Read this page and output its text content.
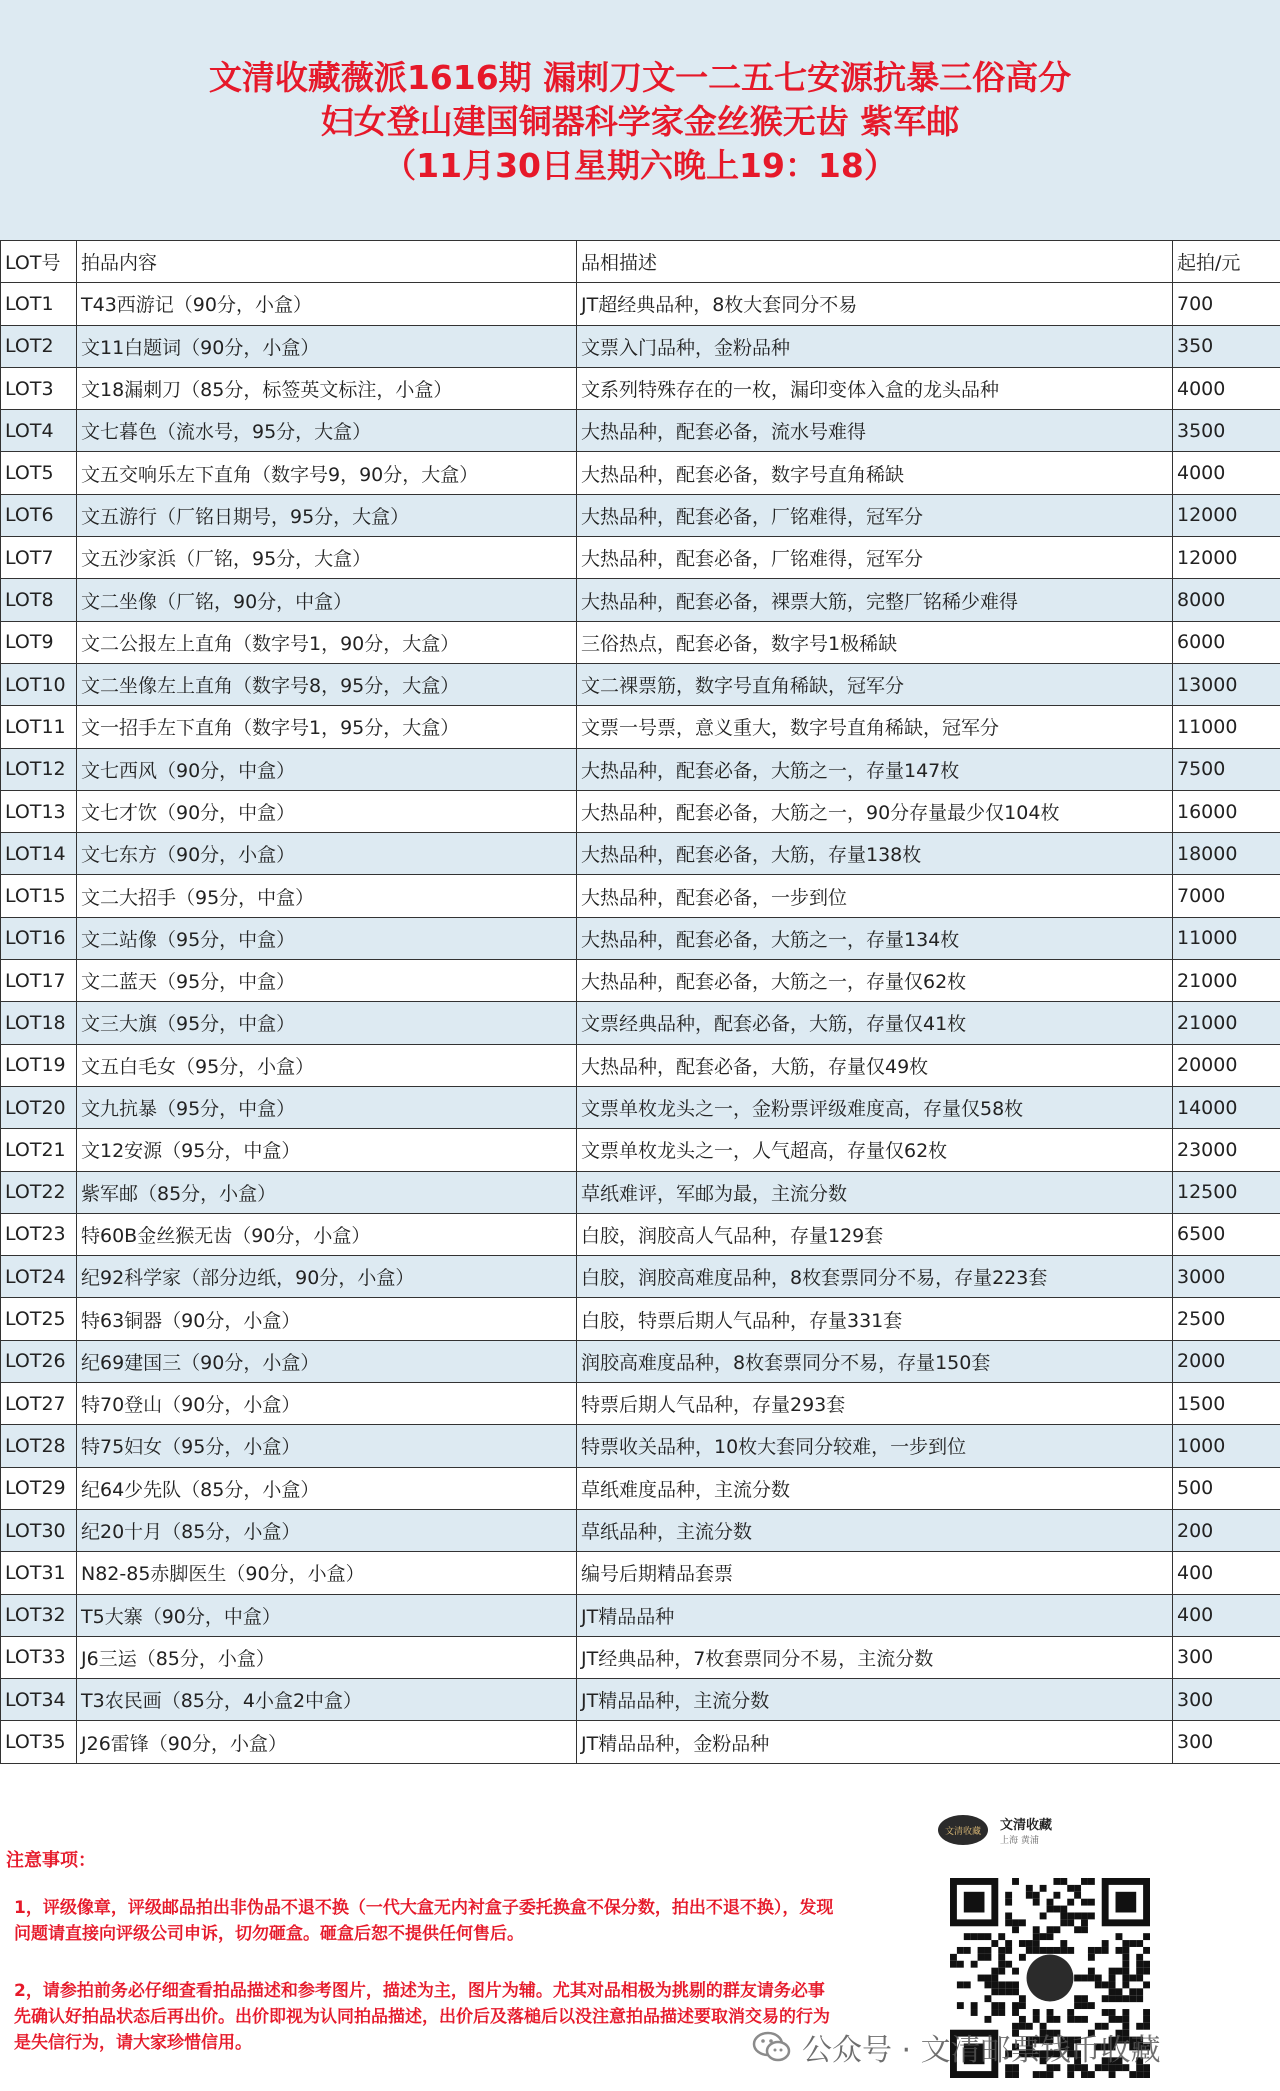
文清收藏薇派1616期 漏刺刀文一二五七安源抗暴三俗高分
妇女登山建国铜器科学家金丝猴无齿 紫军邮
（11月30日星期六晚上19：18）
LOT号	拍品内容	品相描述	起拍/元
LOT1	T43西游记（90分，小盒）	JT超经典品种，8枚大套同分不易	700
LOT2	文11白题词（90分，小盒）	文票入门品种，金粉品种	350
LOT3	文18漏刺刀（85分，标签英文标注，小盒）	文系列特殊存在的一枚，漏印变体入盒的龙头品种	4000
LOT4	文七暮色（流水号，95分，大盒）	大热品种，配套必备，流水号难得	3500
LOT5	文五交响乐左下直角（数字号9，90分，大盒）	大热品种，配套必备，数字号直角稀缺	4000
LOT6	文五游行（厂铭日期号，95分，大盒）	大热品种，配套必备，厂铭难得，冠军分	12000
LOT7	文五沙家浜（厂铭，95分，大盒）	大热品种，配套必备，厂铭难得，冠军分	12000
LOT8	文二坐像（厂铭，90分，中盒）	大热品种，配套必备，裸票大筋，完整厂铭稀少难得	8000
LOT9	文二公报左上直角（数字号1，90分，大盒）	三俗热点，配套必备，数字号1极稀缺	6000
LOT10	文二坐像左上直角（数字号8，95分，大盒）	文二裸票筋，数字号直角稀缺，冠军分	13000
LOT11	文一招手左下直角（数字号1，95分，大盒）	文票一号票，意义重大，数字号直角稀缺，冠军分	11000
LOT12	文七西风（90分，中盒）	大热品种，配套必备，大筋之一，存量147枚	7500
LOT13	文七才饮（90分，中盒）	大热品种，配套必备，大筋之一，90分存量最少仅104枚	16000
LOT14	文七东方（90分，小盒）	大热品种，配套必备，大筋，存量138枚	18000
LOT15	文二大招手（95分，中盒）	大热品种，配套必备，一步到位	7000
LOT16	文二站像（95分，中盒）	大热品种，配套必备，大筋之一，存量134枚	11000
LOT17	文二蓝天（95分，中盒）	大热品种，配套必备，大筋之一，存量仅62枚	21000
LOT18	文三大旗（95分，中盒）	文票经典品种，配套必备，大筋，存量仅41枚	21000
LOT19	文五白毛女（95分，小盒）	大热品种，配套必备，大筋，存量仅49枚	20000
LOT20	文九抗暴（95分，中盒）	文票单枚龙头之一，金粉票评级难度高，存量仅58枚	14000
LOT21	文12安源（95分，中盒）	文票单枚龙头之一，人气超高，存量仅62枚	23000
LOT22	紫军邮（85分，小盒）	草纸难评，军邮为最，主流分数	12500
LOT23	特60B金丝猴无齿（90分，小盒）	白胶，润胶高人气品种，存量129套	6500
LOT24	纪92科学家（部分边纸，90分，小盒）	白胶，润胶高难度品种，8枚套票同分不易，存量223套	3000
LOT25	特63铜器（90分，小盒）	白胶，特票后期人气品种，存量331套	2500
LOT26	纪69建国三（90分，小盒）	润胶高难度品种，8枚套票同分不易，存量150套	2000
LOT27	特70登山（90分，小盒）	特票后期人气品种，存量293套	1500
LOT28	特75妇女（95分，小盒）	特票收关品种，10枚大套同分较难，一步到位	1000
LOT29	纪64少先队（85分，小盒）	草纸难度品种，主流分数	500
LOT30	纪20十月（85分，小盒）	草纸品种，主流分数	200
LOT31	N82-85赤脚医生（90分，小盒）	编号后期精品套票	400
LOT32	T5大寨（90分，中盒）	JT精品品种	400
LOT33	J6三运（85分，小盒）	JT经典品种，7枚套票同分不易，主流分数	300
LOT34	T3农民画（85分，4小盒2中盒）	JT精品品种，主流分数	300
LOT35	J26雷锋（90分，小盒）	JT精品品种，金粉品种	300
注意事项：
1，评级像章，评级邮品拍出非伪品不退不换（一代大盒无内衬盒子委托换盒不保分数，拍出不退不换），发现问题请直接向评级公司申诉，切勿砸盒。砸盒后恕不提供任何售后。
2，请参拍前务必仔细查看拍品描述和参考图片，描述为主，图片为辅。尤其对品相极为挑剔的群友请务必事先确认好拍品状态后再出价。出价即视为认同拍品描述，出价后及落槌后以没注意拍品描述要取消交易的行为是失信行为，请大家珍惜信用。
文清收藏	文清收藏
上海 黄浦
公众号 · 文清邮票钱币收藏
